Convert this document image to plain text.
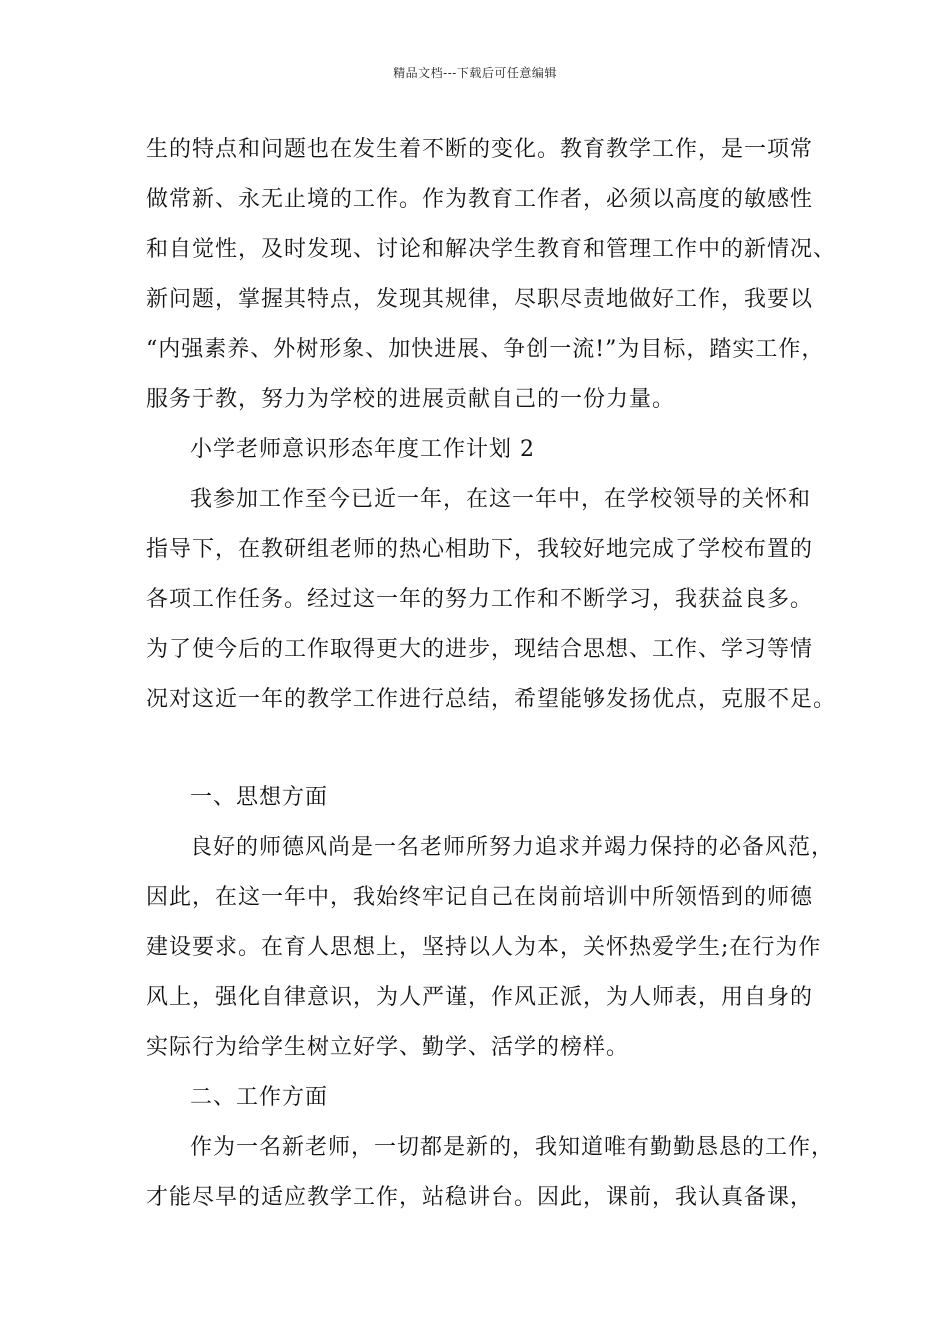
精品文档---下载后可任意编辑
生的特点和问题也在发生着不断的变化。教育教学工作，是一项常
做常新、永无止境的工作。作为教育工作者，必须以高度的敏感性
和自觉性，及时发现、讨论和解决学生教育和管理工作中的新情况、
新问题，掌握其特点，发现其规律，尽职尽责地做好工作，我要以
“内强素养、外树形象、加快进展、争创一流!”为目标，踏实工作，
服务于教，努力为学校的进展贡献自己的一份力量。
小学老师意识形态年度工作计划 2
我参加工作至今已近一年，在这一年中，在学校领导的关怀和
指导下，在教研组老师的热心相助下，我较好地完成了学校布置的
各项工作任务。经过这一年的努力工作和不断学习，我获益良多。
为了使今后的工作取得更大的进步，现结合思想、工作、学习等情
况对这近一年的教学工作进行总结，希望能够发扬优点，克服不足。
一、思想方面
良好的师德风尚是一名老师所努力追求并竭力保持的必备风范，
因此，在这一年中，我始终牢记自己在岗前培训中所领悟到的师德
建设要求。在育人思想上，坚持以人为本，关怀热爱学生;在行为作
风上，强化自律意识，为人严谨，作风正派，为人师表，用自身的
实际行为给学生树立好学、勤学、活学的榜样。
二、工作方面
作为一名新老师，一切都是新的，我知道唯有勤勤恳恳的工作，
才能尽早的适应教学工作，站稳讲台。因此，课前，我认真备课，
